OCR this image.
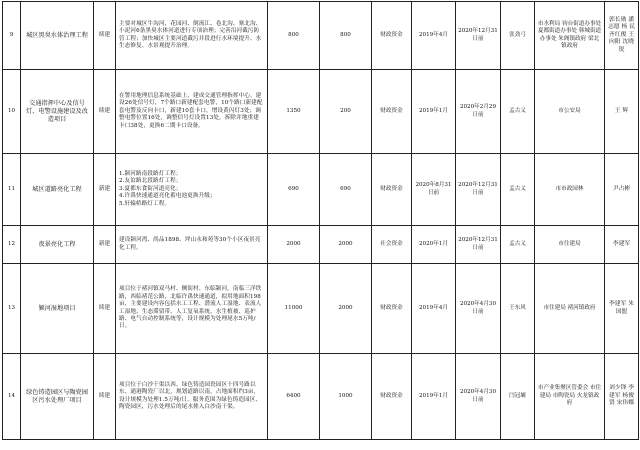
9	城区黑臭水体治理工程	续建	主要对城区牛沟河、花园河、倒流江、卷北沟、寨北沟、小泥河6条黑臭水体河道进行专项治理；完善沿河截污防管工程；加快城区主要河道截污并段进行水环境提升、水生态修复、水景观提升治理。	800	800	财政资金	2019年4月	2020年12月31日前	张劲弓	市水利局 钧台街道办事处 夏都街道办事处 韩城街道办事处 朱阁镇政府 梁北镇政府	郭长勋 潘志愿 杨 民 齐红俊 王向阳 沈晓锐
10	交通指挥中心及信号灯、电警设施建设及改造项目	续建	在警用地理信息系统基础上，建成交通管理指挥中心。建设26处信号灯，7个路口新建配套电警，10个路口新建配套电警及反向卡口，新建10套卡口，增设黄闪灯3处；调整电警位置16处，调整信号灯设置13处，拆除并地重建卡口38处，更换6二期卡口设备。	1350	200	财政资金	2019年1月	2020年2月29日前	孟古义	市公安局	王 辉
11	城区道路亮化工程	新建	1.颍河路南段路灯工程；
2.友谊路北段路灯工程；
3.夏都东食街河道亮化；
4.许禹快速通道亮化蓄电池更换升级；
5.轩辕桥路灯工程。	690	690	财政资金	2020年8月31日前	2020年12月31日前	孟古义	市市政园林	尹占彬
12	夜景亮化工程	新建	建设颍河湾、尚品1898、坪山永和苑等30个小区夜景亮化工程。	2000	2000	社会资金	2020年1月	2020年12月31日前	孟古义	市住建局	李建军
13	颍河湿地项目	续建	项目位于褚河镇双马村、侧街村、东临颍河，南临三洋铁路，西临褚范公路，北临许禹快速通道，拟用地面积198亩，主要建设内容包括水工工程、潜流人工湿地、表流人工湿地、生态滞留带、人工复氧系统、水生植被、巡护路、电气自动控制系统等，设计规模为处理尾水5万吨/日。	11000	2000	财政资金	2019年4月	2020年4月30日前	王东风	市住建局 褚河镇政府	李建军 朱国盟
14	绿色铸造园区与陶瓷园区污水处理厂项目	续建	项目位于白沙干渠以西、绿色铸造园瓷园区十四号路以东、通港陶瓷厂以北，规划道路以南，占地面积约3亩，设计规模为处理1.5万吨/日，服务范围为绿色铸造园区、陶瓷园区，污水处理后的尾水排入白沙南干渠。	6400	1000	财政资金	2019年1月	2020年4月30日前	闫冠墉	市产业集聚区管委会 市住建局 市陶瓷局 火龙镇政府	刘少锋 李建军 杨俊贤 宋伟娜
